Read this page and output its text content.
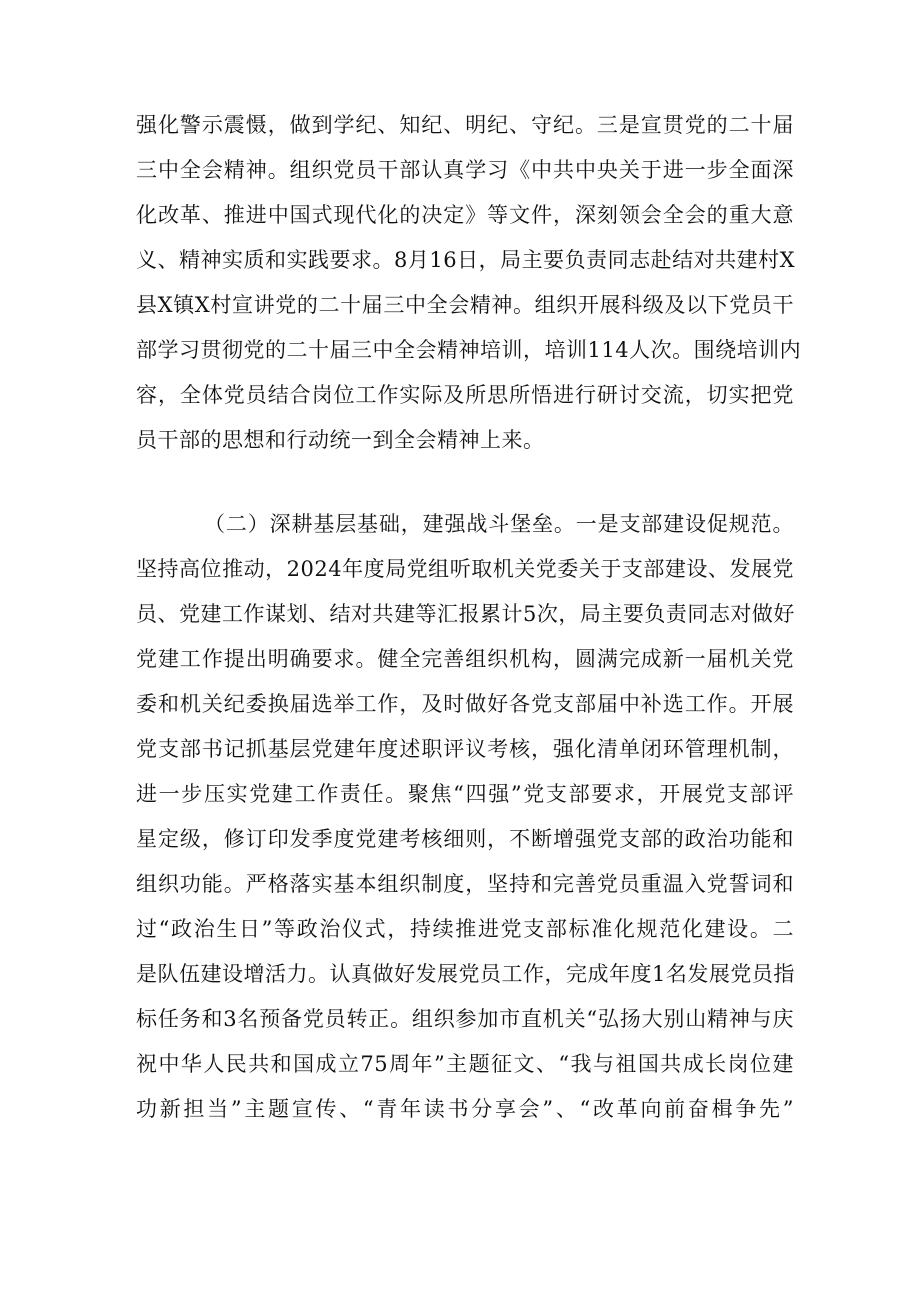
强化警示震慑，做到学纪、知纪、明纪、守纪。三是宣贯党的二十届
三中全会精神。组织党员干部认真学习《中共中央关于进一步全面深
化改革、推进中国式现代化的决定》等文件，深刻领会全会的重大意
义、精神实质和实践要求。8月16日，局主要负责同志赴结对共建村X
县X镇X村宣讲党的二十届三中全会精神。组织开展科级及以下党员干
部学习贯彻党的二十届三中全会精神培训，培训114人次。围绕培训内
容，全体党员结合岗位工作实际及所思所悟进行研讨交流，切实把党
员干部的思想和行动统一到全会精神上来。
（二）深耕基层基础，建强战斗堡垒。一是支部建设促规范。
坚持高位推动，2024年度局党组听取机关党委关于支部建设、发展党
员、党建工作谋划、结对共建等汇报累计5次，局主要负责同志对做好
党建工作提出明确要求。健全完善组织机构，圆满完成新一届机关党
委和机关纪委换届选举工作，及时做好各党支部届中补选工作。开展
党支部书记抓基层党建年度述职评议考核，强化清单闭环管理机制，
进一步压实党建工作责任。聚焦“四强”党支部要求，开展党支部评
星定级，修订印发季度党建考核细则，不断增强党支部的政治功能和
组织功能。严格落实基本组织制度，坚持和完善党员重温入党誓词和
过“政治生日”等政治仪式，持续推进党支部标准化规范化建设。二
是队伍建设增活力。认真做好发展党员工作，完成年度1名发展党员指
标任务和3名预备党员转正。组织参加市直机关“弘扬大别山精神与庆
祝中华人民共和国成立75周年”主题征文、“我与祖国共成长岗位建
功新担当”主题宣传、“青年读书分享会”、“改革向前奋楫争先”
